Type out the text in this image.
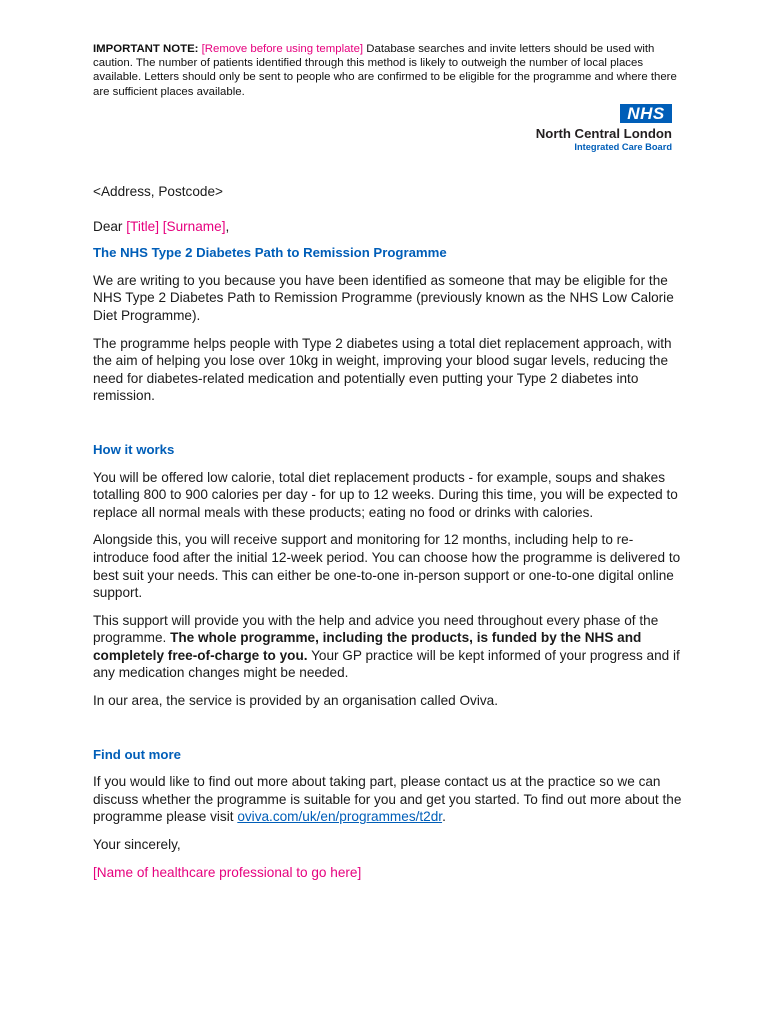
IMPORTANT NOTE: [Remove before using template] Database searches and invite letters should be used with caution. The number of patients identified through this method is likely to outweigh the number of local places available. Letters should only be sent to people who are confirmed to be eligible for the programme and where there are sufficient places available.
NHS
North Central London
Integrated Care Board

<Address, Postcode>

Dear [Title] [Surname],

The NHS Type 2 Diabetes Path to Remission Programme

We are writing to you because you have been identified as someone that may be eligible for the NHS Type 2 Diabetes Path to Remission Programme (previously known as the NHS Low Calorie Diet Programme).

The programme helps people with Type 2 diabetes using a total diet replacement approach, with the aim of helping you lose over 10kg in weight, improving your blood sugar levels, reducing the need for diabetes-related medication and potentially even putting your Type 2 diabetes into remission.

How it works

You will be offered low calorie, total diet replacement products - for example, soups and shakes totalling 800 to 900 calories per day - for up to 12 weeks. During this time, you will be expected to replace all normal meals with these products; eating no food or drinks with calories.

Alongside this, you will receive support and monitoring for 12 months, including help to re-introduce food after the initial 12-week period. You can choose how the programme is delivered to best suit your needs. This can either be one-to-one in-person support or one-to-one digital online support.

This support will provide you with the help and advice you need throughout every phase of the programme. The whole programme, including the products, is funded by the NHS and completely free-of-charge to you. Your GP practice will be kept informed of your progress and if any medication changes might be needed.

In our area, the service is provided by an organisation called Oviva.

Find out more

If you would like to find out more about taking part, please contact us at the practice so we can discuss whether the programme is suitable for you and get you started. To find out more about the programme please visit oviva.com/uk/en/programmes/t2dr.

Your sincerely,

[Name of healthcare professional to go here]
